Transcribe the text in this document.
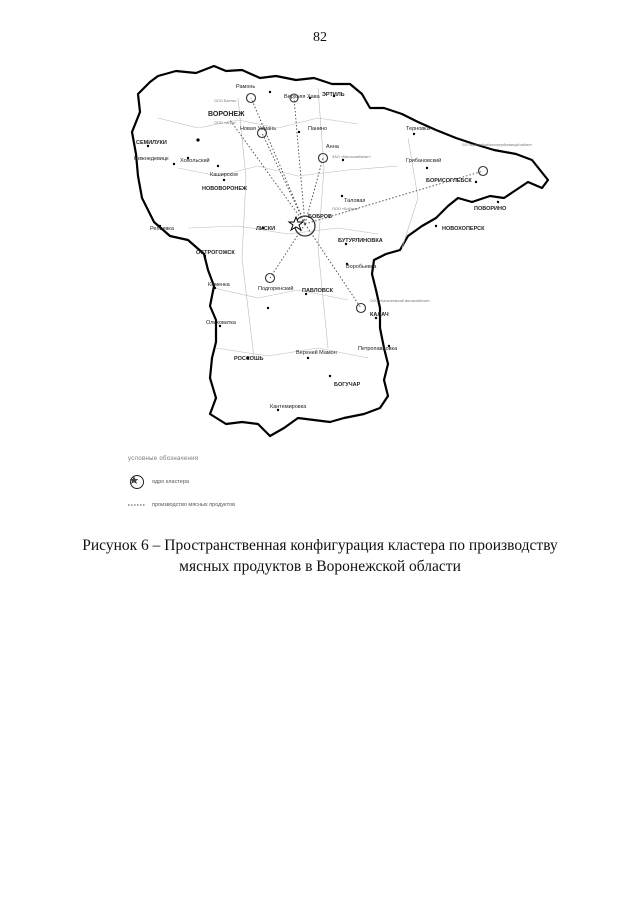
82
Рамонь
Верхняя Хава ЭРТИЛЬ
СЕМИЛУКИ
ВОРОНЕЖ
Нижнедевицк
Новая Усмань	Панино	Терновка
Хохольский
Анна
Грибановский
Каширское
БОРИСОГЛЕБСК
НОВОВОРОНЕЖ
Таловая
ПОВОРИНО
БОБРОВ
Репьевка	ЛИСКИ	НОВОХОПЕРСК
БУТУРЛИНОВКА
ОСТРОГОЖСК
Воробьевка
Каменка
Подгоренский ПАВЛОВСК
КАЛАЧ
Ольховатка
Петропавловка
РОССОШЬ
Верхний Мамон
БОГУЧАР
Кантемировка
ООО Бахтин
ООО «Агро»
ЗАО «Мясокомбинат»
ООО «Бобров»
ООО «Борисоглебский мясоперерабатывающий комбинат»
ООО «Калачеевский мясокомбинат»
условные обозначения
ядро кластера
производство мясных продуктов
Рисунок 6 – Пространственная конфигурация кластера по производству
мясных продуктов в Воронежской области
